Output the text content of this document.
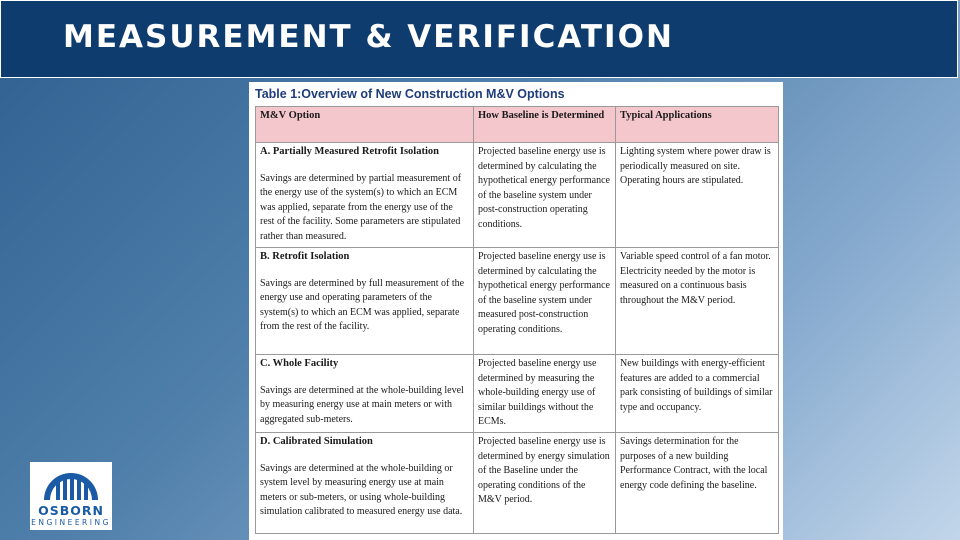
MEASUREMENT & VERIFICATION
Table 1:Overview of New Construction M&V Options
M&V Option	How Baseline is Determined	Typical Applications

A. Partially Measured Retrofit Isolation
Savings are determined by partial measurement of the energy use of the system(s) to which an ECM was applied, separate from the energy use of the rest of the facility. Some parameters are stipulated rather than measured.	Projected baseline energy use is determined by calculating the hypothetical energy performance of the baseline system under post-construction operating conditions.	Lighting system where power draw is periodically measured on site. Operating hours are stipulated.

B. Retrofit Isolation
Savings are determined by full measurement of the energy use and operating parameters of the system(s) to which an ECM was applied, separate from the rest of the facility.	Projected baseline energy use is determined by calculating the hypothetical energy performance of the baseline system under measured post-construction operating conditions.	Variable speed control of a fan motor. Electricity needed by the motor is measured on a continuous basis throughout the M&V period.

C. Whole Facility
Savings are determined at the whole-building level by measuring energy use at main meters or with aggregated sub-meters.	Projected baseline energy use determined by measuring the whole-building energy use of similar buildings without the ECMs.	New buildings with energy-efficient features are added to a commercial park consisting of buildings of similar type and occupancy.

D. Calibrated Simulation
Savings are determined at the whole-building or system level by measuring energy use at main meters or sub-meters, or using whole-building simulation calibrated to measured energy use data.	Projected baseline energy use is determined by energy simulation of the Baseline under the operating conditions of the M&V period.	Savings determination for the purposes of a new building Performance Contract, with the local energy code defining the baseline.
OSBORN
ENGINEERING
